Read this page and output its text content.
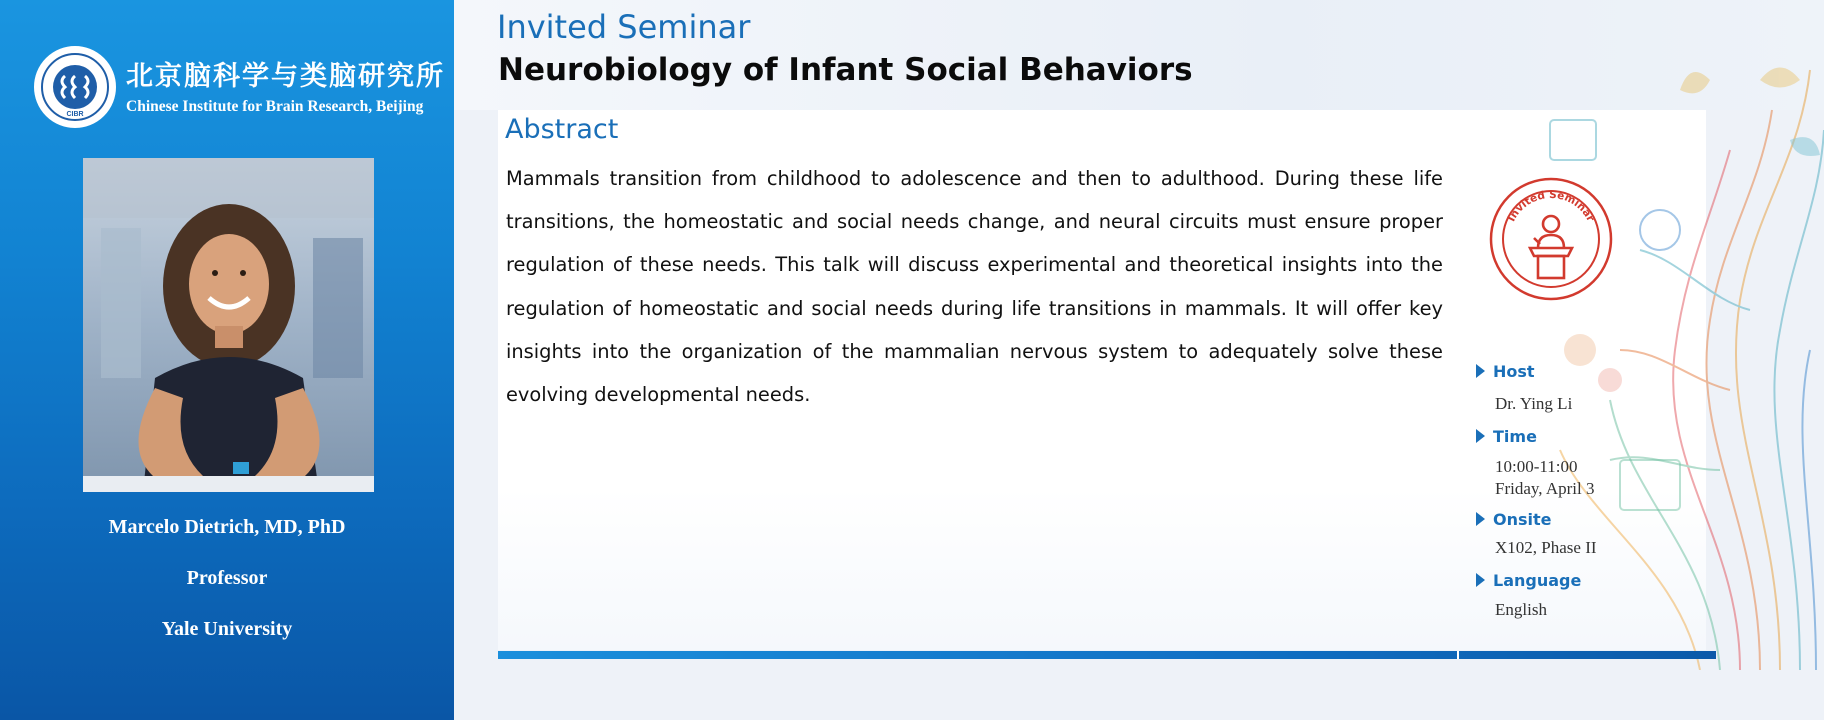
CIBR
北京脑科学与类脑研究所
Chinese Institute for Brain Research, Beijing
Marcelo Dietrich, MD, PhD
Professor
Yale University
Invited Seminar
Neurobiology of Infant Social Behaviors
Abstract
Mammals transition from childhood to adolescence and then to adulthood. During these life transitions, the homeostatic and social needs change, and neural circuits must ensure proper regulation of these needs. This talk will discuss experimental and theoretical insights into the regulation of homeostatic and social needs during life transitions in mammals. It will offer key insights into the organization of the mammalian nervous system to adequately solve these evolving developmental needs.
Invited Seminar
Host
Dr. Ying Li
Time
10:00-11:00
Friday, April 3
Onsite
X102, Phase II
Language
English
